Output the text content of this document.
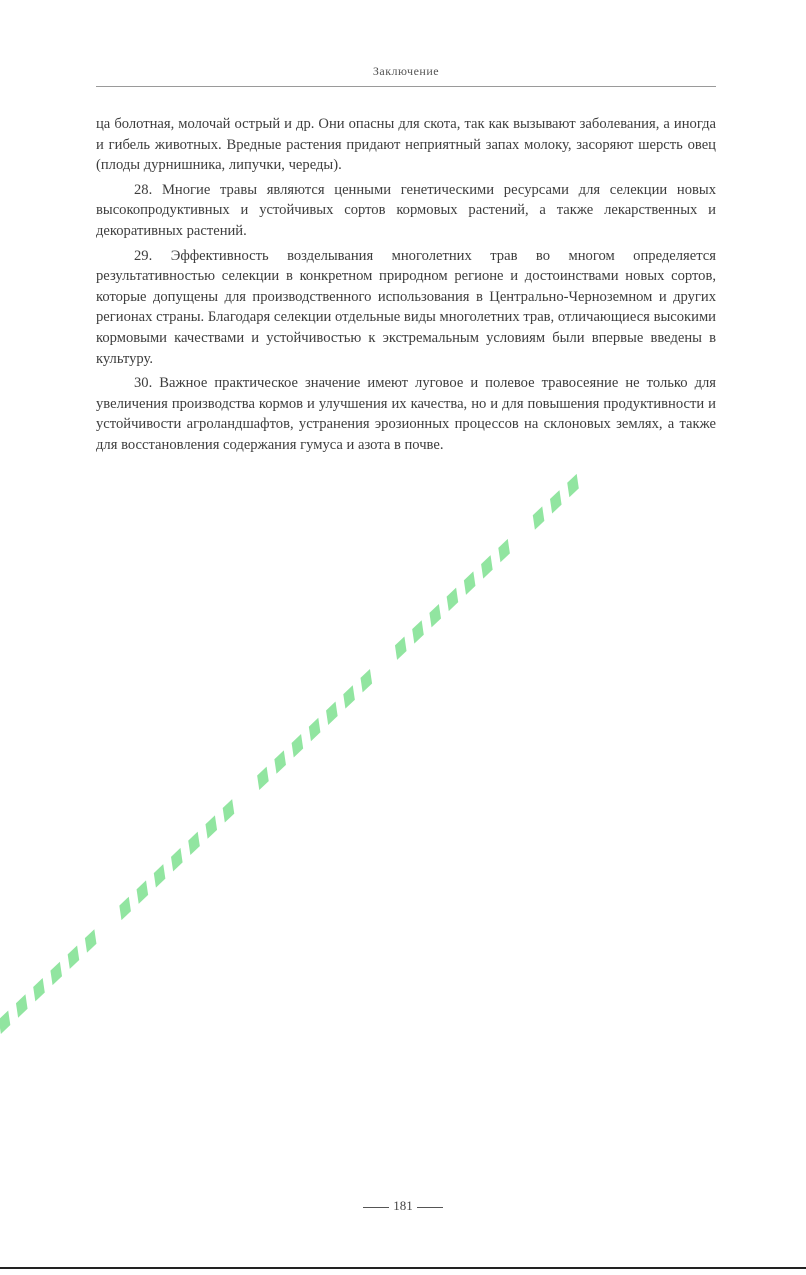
Заключение

ца болотная, молочай острый и др. Они опасны для скота, так как вызывают заболевания, а иногда и гибель животных. Вредные растения придают неприятный запах молоку, засоряют шерсть овец (плоды дурнишника, липучки, череды).

28. Многие травы являются ценными генетическими ресурсами для селекции новых высокопродуктивных и устойчивых сортов кормовых растений, а также лекарственных и декоративных растений.

29. Эффективность возделывания многолетних трав во многом определяется результативностью селекции в конкретном природном регионе и достоинствами новых сортов, которые допущены для производственного использования в Центрально-Черноземном и других регионах страны. Благодаря селекции отдельные виды многолетних трав, отличающиеся высокими кормовыми качествами и устойчивостью к экстремальным условиям были впервые введены в культуру.

30. Важное практическое значение имеют луговое и полевое травосеяние не только для увеличения производства кормов и улучшения их качества, но и для повышения продуктивности и устойчивости агроландшафтов, устранения эрозионных процессов на склоновых землях, а также для восстановления содержания гумуса и азота в почве.

181
